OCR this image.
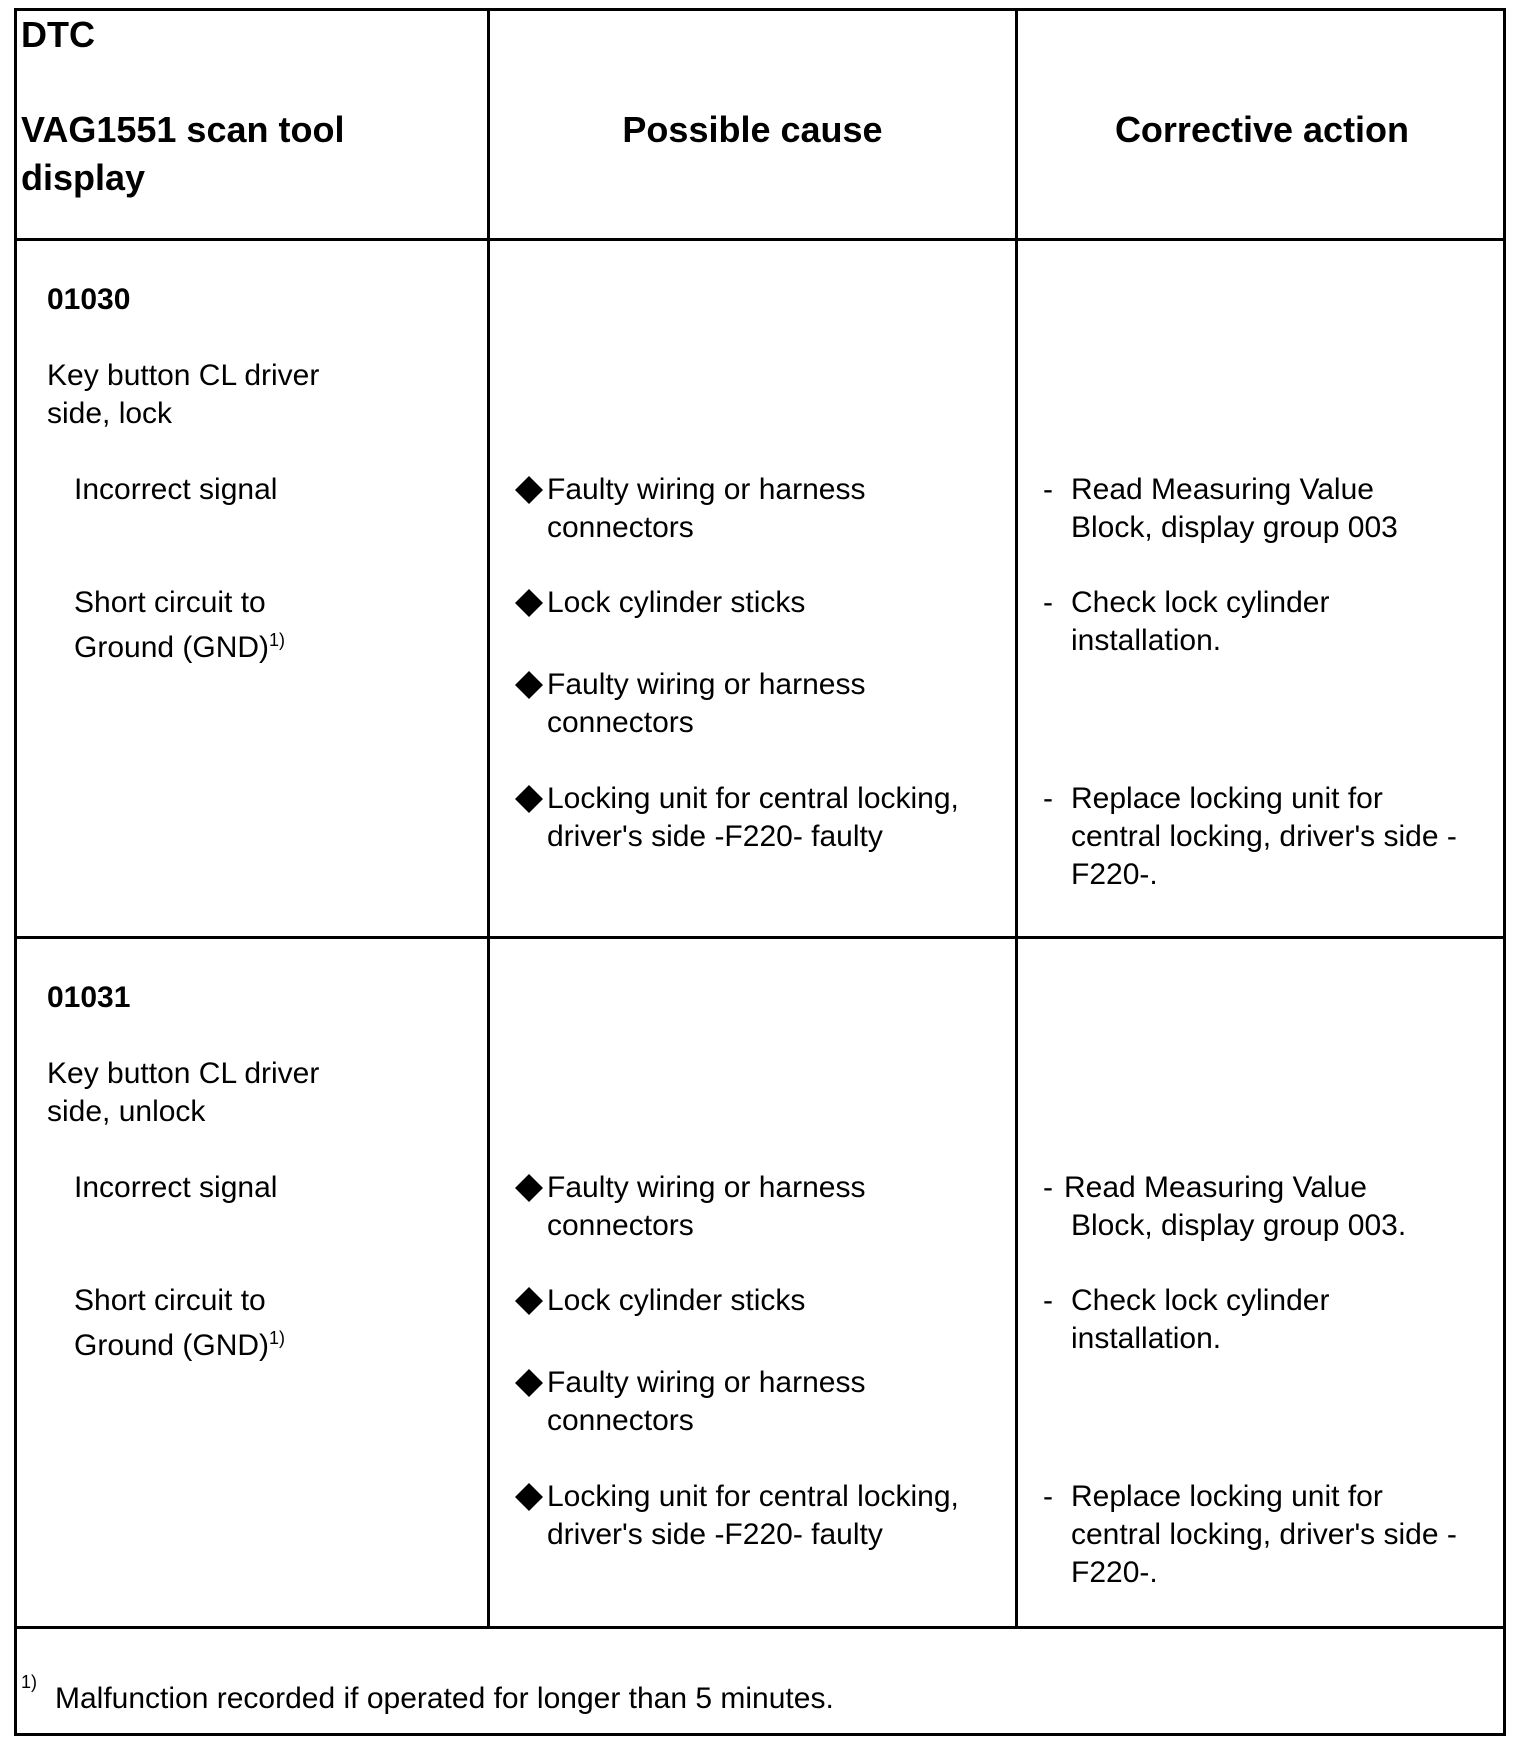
DTC
VAG1551 scan tool
display
Possible cause	Corrective action
01030
Key button CL driver
side, lock
Incorrect signal
Short circuit to
Ground (GND)$^{1)}$
Faulty wiring or harness
connectors
Lock cylinder sticks
Faulty wiring or harness
connectors
Locking unit for central locking,
driver's side -F220- faulty
- Read Measuring Value
Block, display group 003
- Check lock cylinder
installation.
- Replace locking unit for
central locking, driver's side -
F220-.
01031
Key button CL driver
side, unlock
Incorrect signal
Short circuit to
Ground (GND)$^{1)}$
Faulty wiring or harness
connectors
Lock cylinder sticks
Faulty wiring or harness
connectors
Locking unit for central locking,
driver's side -F220- faulty
- Read Measuring Value
Block, display group 003.
- Check lock cylinder
installation.
- Replace locking unit for
central locking, driver's side -
F220-.
1) Malfunction recorded if operated for longer than 5 minutes.
